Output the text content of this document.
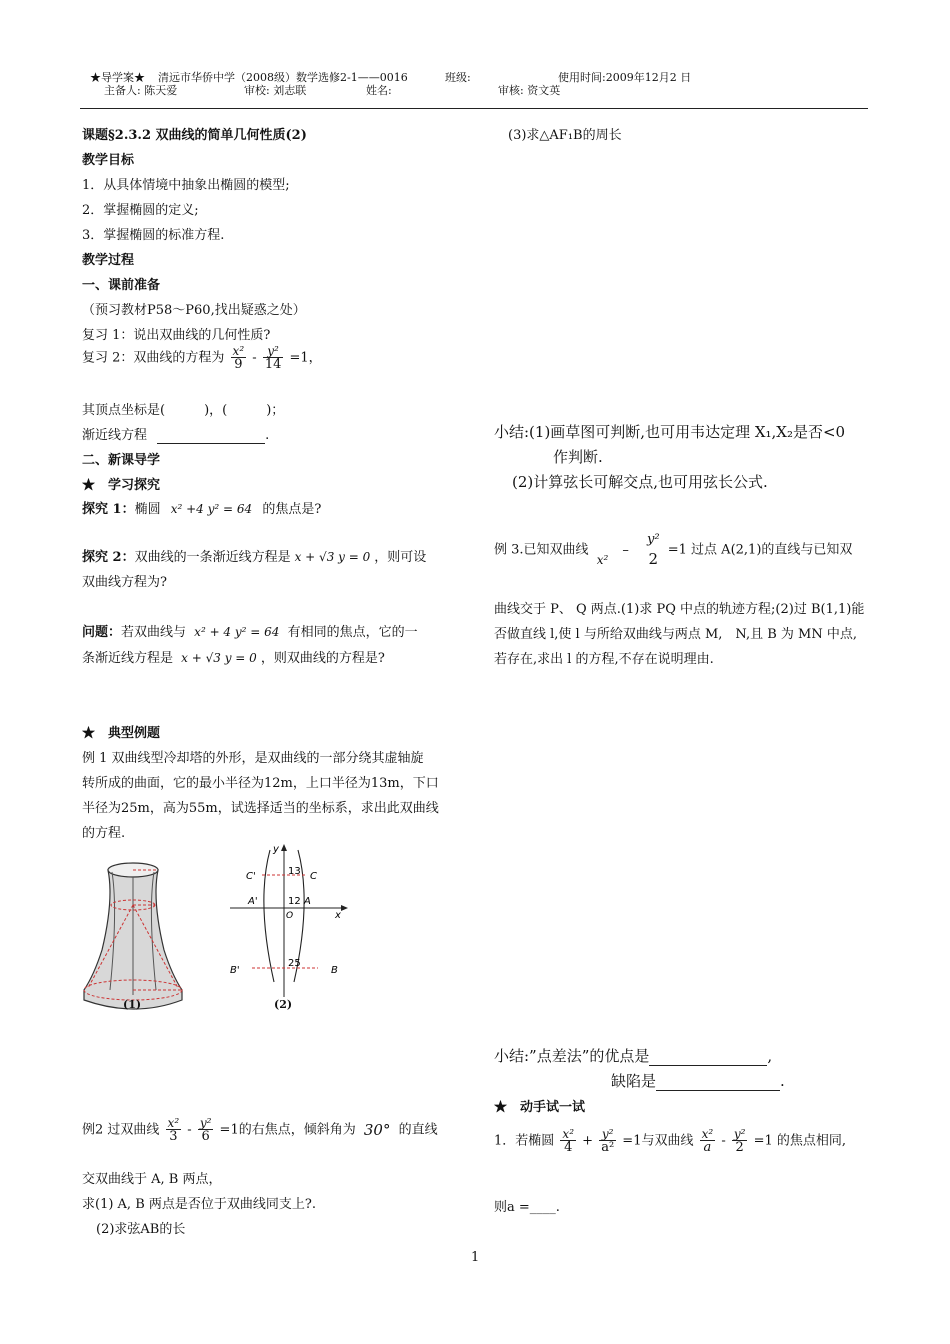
★导学案★ 清远市华侨中学（2008级）数学选修2-1——0016	班级:	使用时间:2009年12月2 日
主备人: 陈天爱	审校: 刘志联	姓名:	审核: 资文英
课题§2.3.2 双曲线的简单几何性质(2)
教学目标
1．从具体情境中抽象出椭圆的模型;
2．掌握椭圆的定义;
3．掌握椭圆的标准方程.
教学过程
一、课前准备
（预习教材P58～P60,找出疑惑之处）
复习 1：说出双曲线的几何性质?
复习 2：双曲线的方程为 $\frac{\text{x²}}{9} - \frac{\text{y²}}{14} =1$，
其顶点坐标是(　　　)，(　　　)；
渐近线方程	.
二、新课导学
★　学习探究
探究 1：椭圆 x² +4 y² = 64 的焦点是?
探究 2：双曲线的一条渐近线方程是 x + √3 y = 0 ，则可设
双曲线方程为?
问题：若双曲线与 x² + 4 y² = 64 有相同的焦点，它的一
条渐近线方程是 x + √3 y = 0 ，则双曲线的方程是?
★　典型例题
例 1 双曲线型冷却塔的外形，是双曲线的一部分绕其虚轴旋
转所成的曲面，它的最小半径为12m，上口半径为13m，下口
半径为25m，高为55m，试选择适当的坐标系，求出此双曲线
的方程.
(1)
y
x
C'	C
A'	A
O
13
12
25
B'	B
(2)
例2 过双曲线 $\frac{\text{x²}}{3} - \frac{\text{y²}}{6} =1$的右焦点，倾斜角为 30° 的直线
交双曲线于 A, B 两点，
求(1) A, B 两点是否位于双曲线同支上?.
(2)求弦AB的长
(3)求△AF₁B的周长
小结:(1)画草图可判断,也可用韦达定理 X₁,X₂是否<0
作判断.
(2)计算弦长可解交点,也可用弦长公式.
例 3.已知双曲线 x² –
y²
2 =1 过点 A(2,1)的直线与已知双
曲线交于 P、 Q 两点.(1)求 PQ 中点的轨迹方程;(2)过 B(1,1)能
否做直线 l,使 l 与所给双曲线与两点 M,　N,且 B 为 MN 中点,
若存在,求出 l 的方程,不存在说明理由.
小结:”点差法”的优点是	,
缺陷是	.
★　动手试一试
1．若椭圆 $\frac{\text{x²}}{4} + \frac{\text{y²}}{\text{a²}} =1$与双曲线 $\frac{\text{x²}}{a} - \frac{\text{y²}}{2} =1$ 的焦点相同,
则a =____.
1
